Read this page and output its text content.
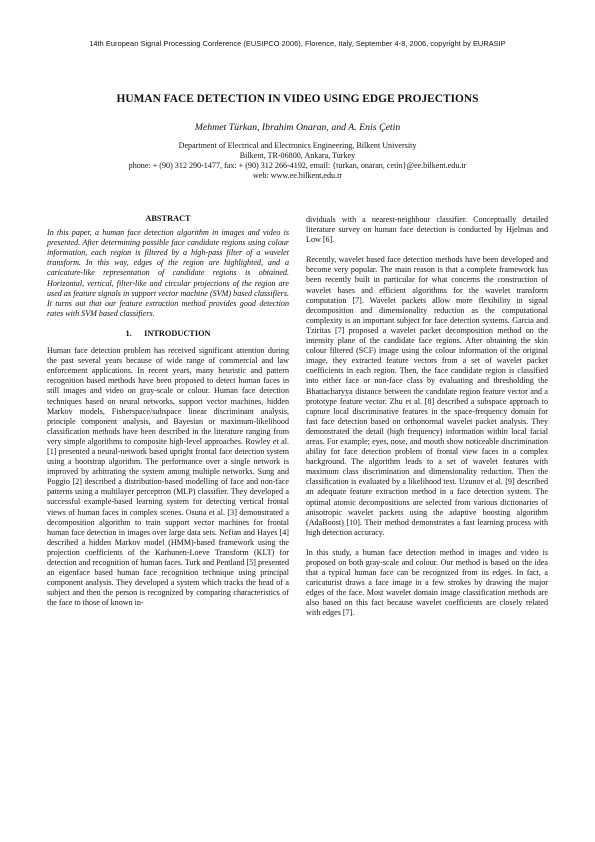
14th European Signal Processing Conference (EUSIPCO 2006), Florence, Italy, September 4-8, 2006, copyright by EURASIP
HUMAN FACE DETECTION IN VIDEO USING EDGE PROJECTIONS
Mehmet Türkan, Ibrahim Onaran, and A. Enis Çetin
Department of Electrical and Electronics Engineering, Bilkent University
Bilkent, TR-06800, Ankara, Turkey
phone: + (90) 312 290-1477, fax: + (90) 312 266-4192, email: {turkan, onaran, cetin}@ee.bilkent.edu.tr
web: www.ee.bilkent.edu.tr
ABSTRACT

In this paper, a human face detection algorithm in images and video is presented. After determining possible face candidate regions using colour information, each region is filtered by a high-pass filter of a wavelet transform. In this way, edges of the region are highlighted, and a caricature-like representation of candidate regions is obtained. Horizontal, vertical, filter-like and circular projections of the region are used as feature signals in support vector machine (SVM) based classifiers. It turns out that our feature extraction method provides good detection rates with SVM based classifiers.

1.      INTRODUCTION

Human face detection problem has received significant attention during the past several years because of wide range of commercial and law enforcement applications. In recent years, many heuristic and pattern recognition based methods have been proposed to detect human faces in still images and video on gray-scale or colour. Human face detection techniques based on neural networks, support vector machines, hidden Markov models, Fisherspace/subspace linear discriminant analysis, principle component analysis, and Bayesian or maximum-likelihood classification methods have been described in the literature ranging from very simple algorithms to composite high-level approaches. Rowley et al. [1] presented a neural-network based upright frontal face detection system using a bootstrap algorithm. The performance over a single network is improved by arbitrating the system among multiple networks. Sung and Poggio [2] described a distribution-based modelling of face and non-face patterns using a multilayer perceptron (MLP) classifier. They developed a successful example-based learning system for detecting vertical frontal views of human faces in complex scenes. Osuna et al. [3] demonstrated a decomposition algorithm to train support vector machines for frontal human face detection in images over large data sets. Nefian and Hayes [4] described a hidden Markov model (HMM)-based framework using the projection coefficients of the Karhunen-Loeve Transform (KLT) for detection and recognition of human faces. Turk and Pentland [5] presented an eigenface based human face recognition technique using principal component analysis. They developed a system which tracks the head of a subject and then the person is recognized by comparing characteristics of the face to those of known in-

dividuals with a nearest-neighbour classifier. Conceptually detailed literature survey on human face detection is conducted by Hjelmas and Low [6].

Recently, wavelet based face detection methods have been developed and become very popular. The main reason is that a complete framework has been recently built in particular for what concerns the construction of wavelet bases and efficient algorithms for the wavelet transform computation [7]. Wavelet packets allow more flexibility in signal decomposition and dimensionality reduction as the computational complexity is an important subject for face detection systems. Garcia and Tziritas [7] proposed a wavelet packet decomposition method on the intensity plane of the candidate face regions. After obtaining the skin colour filtered (SCF) image using the colour information of the original image, they extracted feature vectors from a set of wavelet packet coefficients in each region. Then, the face candidate region is classified into either face or non-face class by evaluating and thresholding the Bhattacharyya distance between the candidate region feature vector and a prototype feature vector. Zhu et al. [8] described a subspace approach to capture local discriminative features in the space-frequency domain for fast face detection based on orthonormal wavelet packet analysis. They demonstrated the detail (high frequency) information within local facial areas. For example; eyes, nose, and mouth show noticeable discrimination ability for face detection problem of frontal view faces in a complex background. The algorithm leads to a set of wavelet features with maximum class discrimination and dimensionality reduction. Then the classification is evaluated by a likelihood test. Uzunov et al. [9] described an adequate feature extraction method in a face detection system. The optimal atomic decompositions are selected from various dictionaries of anisotropic wavelet packets using the adaptive boosting algorithm (AdaBoost) [10]. Their method demonstrates a fast learning process with high detection accuracy.

In this study, a human face detection method in images and video is proposed on both gray-scale and colour. Our method is based on the idea that a typical human face can be recognized from its edges. In fact, a caricaturist draws a face image in a few strokes by drawing the major edges of the face. Most wavelet domain image classification methods are also based on this fact because wavelet coefficients are closely related with edges [7].
